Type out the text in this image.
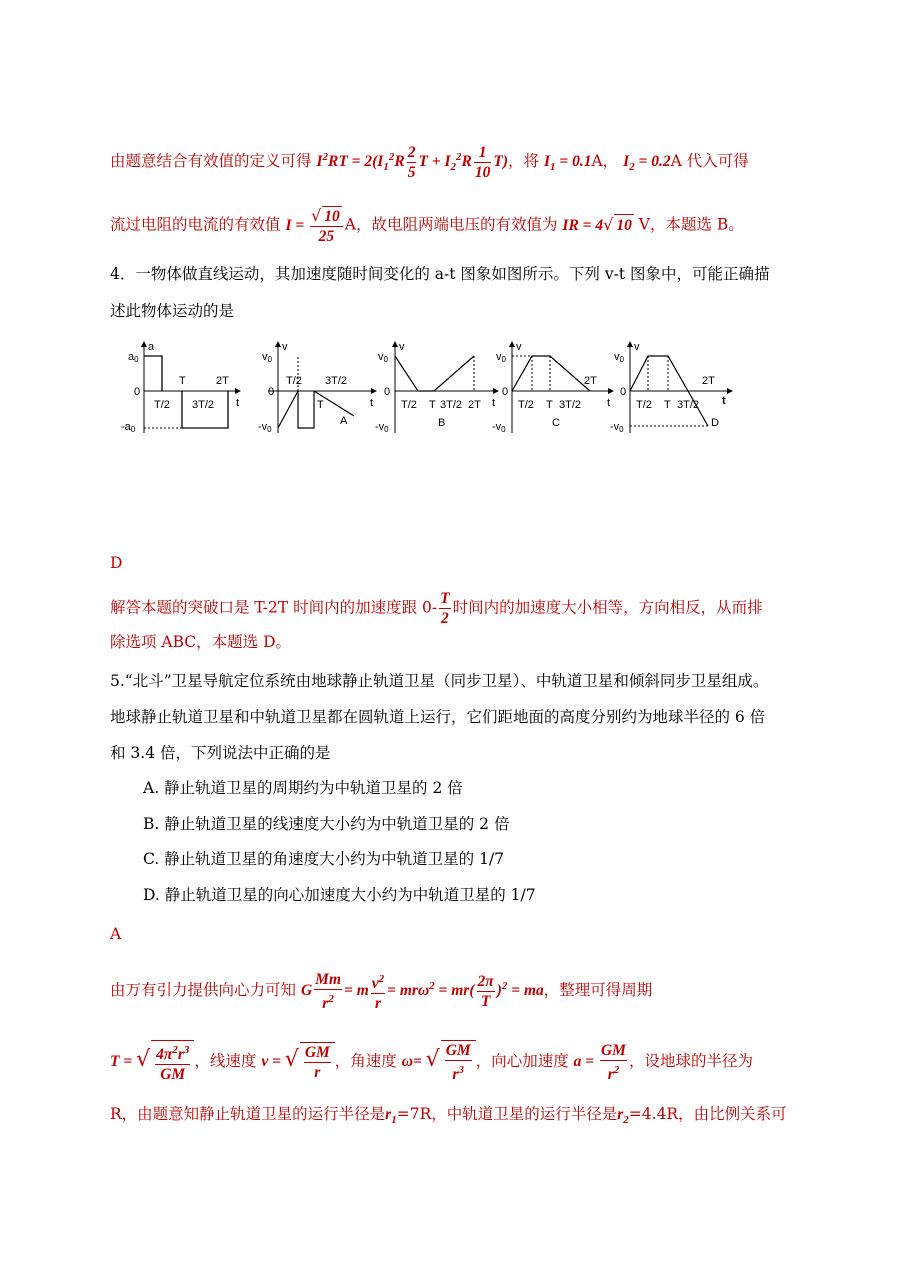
由题意结合有效值的定义可得 $I^2RT = 2(I_1^2R \frac{2}{5}$ $T + I_2^2R \frac{1}{10} T$)，将 $I_1 = 0.1A$， $I_2 = 0.2A$ 代入可得
流过电阻的电流的有效值 $I = \frac{√ 10}{25}$ A，故电阻两端电压的有效值为 IR = 4√ 10 V，本题选 B。
4．一物体做直线运动，其加速度随时间变化的 a-t 图象如图所示。下列 v-t 图象中，可能正确描
述此物体运动的是
a
a0
0
-a0
t
T/2
T
3T/2
2T
v
v0
0
-v0
t
T/2 3T/2
T
A
v
v0
0
-v0
t
T/2 T 3T/2 2T
B
v
v0
0
-v0
t
T/2 T 3T/2
2T
C
v
v0
0
-v0
t
T/2 T 3T/2
2T
D
D
解答本题的突破口是 T-2T 时间内的加速度跟 $0- \frac{T}{2}$ 时间内的加速度大小相等，方向相反，从而排
除选项 ABC，本题选 D。
5.“北斗”卫星导航定位系统由地球静止轨道卫星（同步卫星）、中轨道卫星和倾斜同步卫星组成。
地球静止轨道卫星和中轨道卫星都在圆轨道上运行，它们距地面的高度分别约为地球半径的 6 倍
和 3.4 倍，下列说法中正确的是
A. 静止轨道卫星的周期约为中轨道卫星的 2 倍
B. 静止轨道卫星的线速度大小约为中轨道卫星的 2 倍
C. 静止轨道卫星的角速度大小约为中轨道卫星的 1/7
D. 静止轨道卫星的向心加速度大小约为中轨道卫星的 1/7
A
由万有引力提供向心力可知 G $\frac{Mm}{r^2} = m \frac{v^2}{r} = mr\omega^2 = mr( \frac{2\pi}{T} )^2$ = ma，整理可得周期
T = √ $\frac{4\pi^2r^3}{GM}$ ，线速度 v = √ $\frac{GM}{r}$ ，角速度 ω= √ $\frac{GM}{r^3}$ ，向心加速度 $a = \frac{GM}{r^2}$ ，设地球的半径为
R，由题意知静止轨道卫星的运行半径是$r_1=7R$，中轨道卫星的运行半径是$r_2=4.4R$，由比例关系可
